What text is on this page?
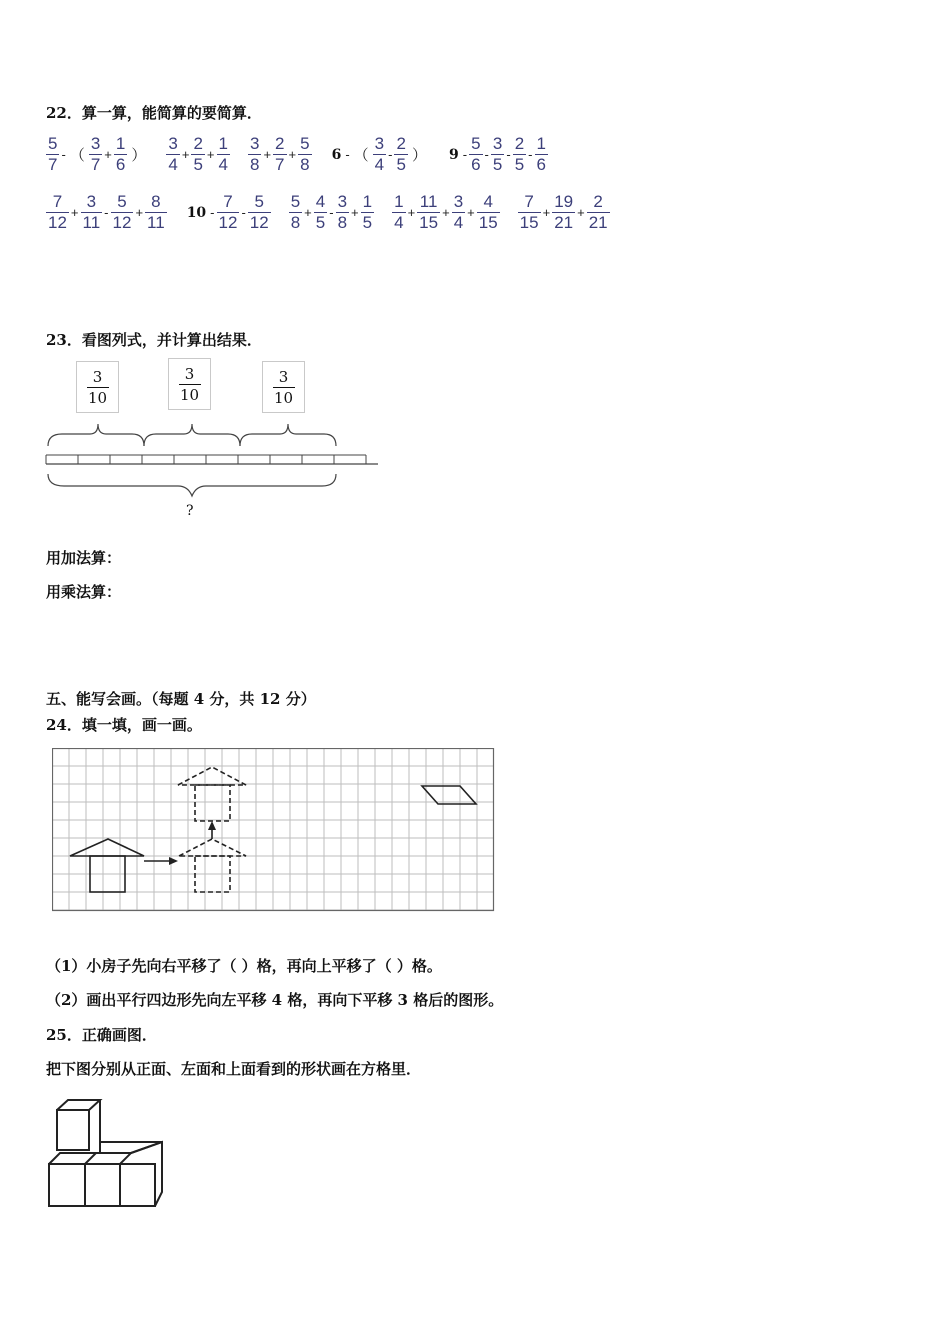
22．算一算，能简算的要简算．
$\frac{5}{7}$ - （ $\frac{3}{7} + \frac{1}{6}$ ） $\frac{3}{4} + \frac{2}{5} + \frac{1}{4} \frac{3}{8} + \frac{2}{7} + \frac{5}{8} 6$ - （ $\frac{3}{4} - \frac{2}{5}$ ） $9 - \frac{5}{6} - \frac{3}{5} - \frac{2}{5} - \frac{1}{6}$
$\frac{7}{12} + \frac{3}{11} - \frac{5}{12} + \frac{8}{11} 10 - \frac{7}{12} - \frac{5}{12} \frac{5}{8} + \frac{4}{5} - \frac{3}{8} + \frac{1}{5} \frac{1}{4} + \frac{11}{15} + \frac{3}{4} + \frac{4}{15} \frac{7}{15} + \frac{19}{21} + \frac{2}{21}$
23．看图列式，并计算出结果．
3
10
3
10
3
10
?
用加法算：
用乘法算：
五、能写会画。（每题 4 分，共 12 分）
24．填一填，画一画。
（1）小房子先向右平移了（ ）格，再向上平移了（ ）格。
（2）画出平行四边形先向左平移 4 格，再向下平移 3 格后的图形。
25．正确画图．
把下图分别从正面、左面和上面看到的形状画在方格里．
